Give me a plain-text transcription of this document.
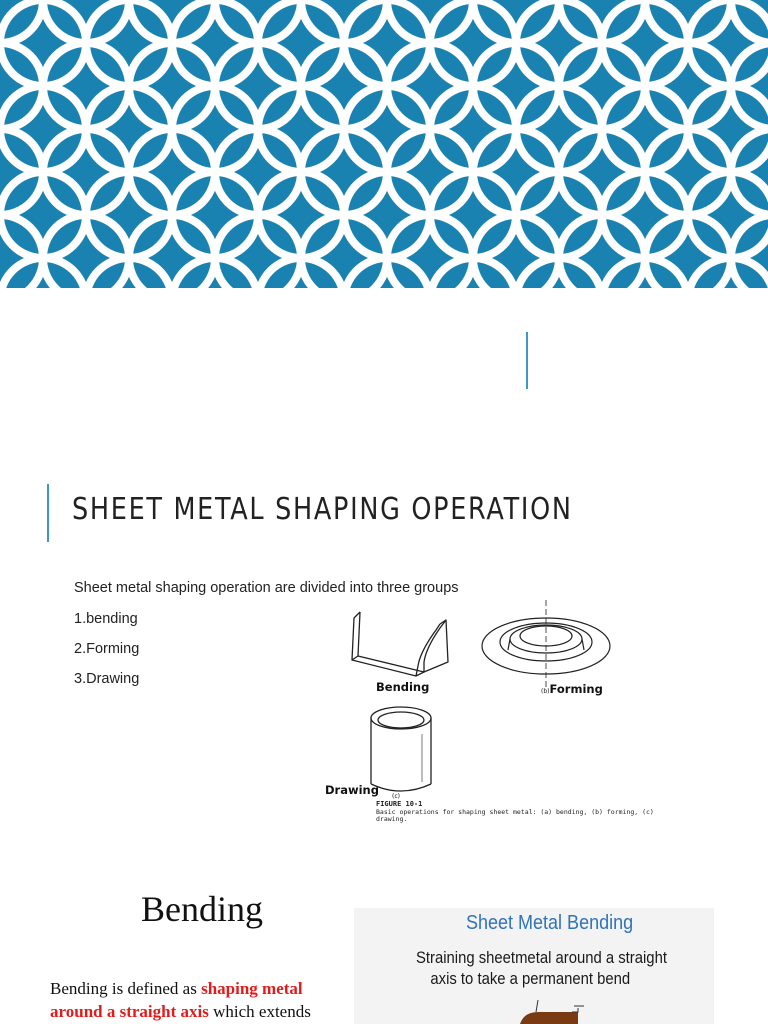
SHEET METAL SHAPING OPERATION
Sheet metal shaping operation are divided into three groups
1.bending
2.Forming
3.Drawing	Bending	(b)Forming
Drawing (c)
FIGURE 10-1
Basic operations for shaping sheet metal: (a) bending, (b) forming, (c)
drawing.
Bending
Bending is defined as shaping metal
around a straight axis which extends
Sheet Metal Bending
Straining sheetmetal around a straight
axis to take a permanent bend
